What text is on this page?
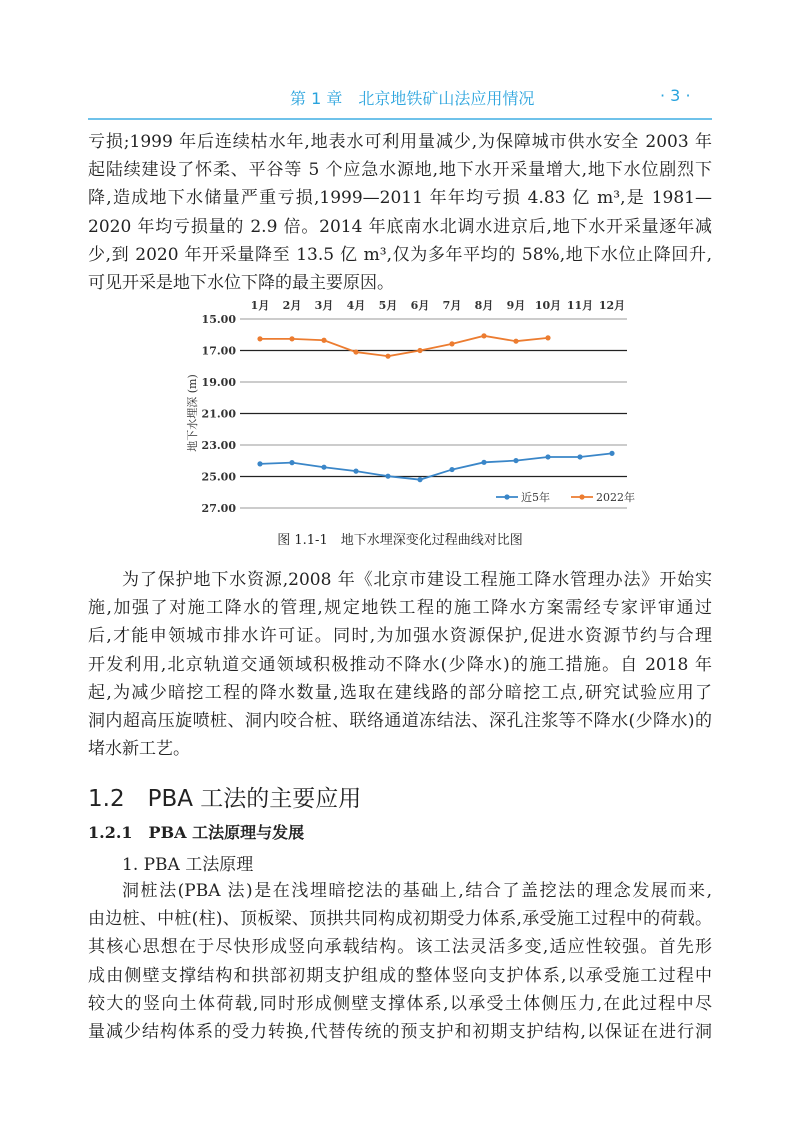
第 1 章　北京地铁矿山法应用情况	· 3 ·
亏损;1999 年后连续枯水年,地表水可利用量减少,为保障城市供水安全 2003 年
起陆续建设了怀柔、平谷等 5 个应急水源地,地下水开采量增大,地下水位剧烈下
降,造成地下水储量严重亏损,1999—2011 年年均亏损 4.83 亿 m³,是 1981—
2020 年均亏损量的 2.9 倍。2014 年底南水北调水进京后,地下水开采量逐年减
少,到 2020 年开采量降至 13.5 亿 m³,仅为多年平均的 58%,地下水位止降回升,
可见开采是地下水位下降的最主要原因。
15.00
17.00
19.00
21.00
23.00
25.00
27.00
1月 2月 3月 4月 5月 6月 7月 8月 9月 10月 11月 12月
地下水埋深 (m)
近5年	2022年
图 1.1-1　地下水埋深变化过程曲线对比图
为了保护地下水资源,2008 年《北京市建设工程施工降水管理办法》开始实
施,加强了对施工降水的管理,规定地铁工程的施工降水方案需经专家评审通过
后,才能申领城市排水许可证。同时,为加强水资源保护,促进水资源节约与合理
开发利用,北京轨道交通领域积极推动不降水(少降水)的施工措施。自 2018 年
起,为减少暗挖工程的降水数量,选取在建线路的部分暗挖工点,研究试验应用了
洞内超高压旋喷桩、洞内咬合桩、联络通道冻结法、深孔注浆等不降水(少降水)的
堵水新工艺。
1.2　PBA 工法的主要应用
1.2.1　PBA 工法原理与发展
1. PBA 工法原理
洞桩法(PBA 法)是在浅埋暗挖法的基础上,结合了盖挖法的理念发展而来,
由边桩、中桩(柱)、顶板梁、顶拱共同构成初期受力体系,承受施工过程中的荷载。
其核心思想在于尽快形成竖向承载结构。该工法灵活多变,适应性较强。首先形
成由侧壁支撑结构和拱部初期支护组成的整体竖向支护体系,以承受施工过程中
较大的竖向土体荷载,同时形成侧壁支撑体系,以承受土体侧压力,在此过程中尽
量减少结构体系的受力转换,代替传统的预支护和初期支护结构,以保证在进行洞
